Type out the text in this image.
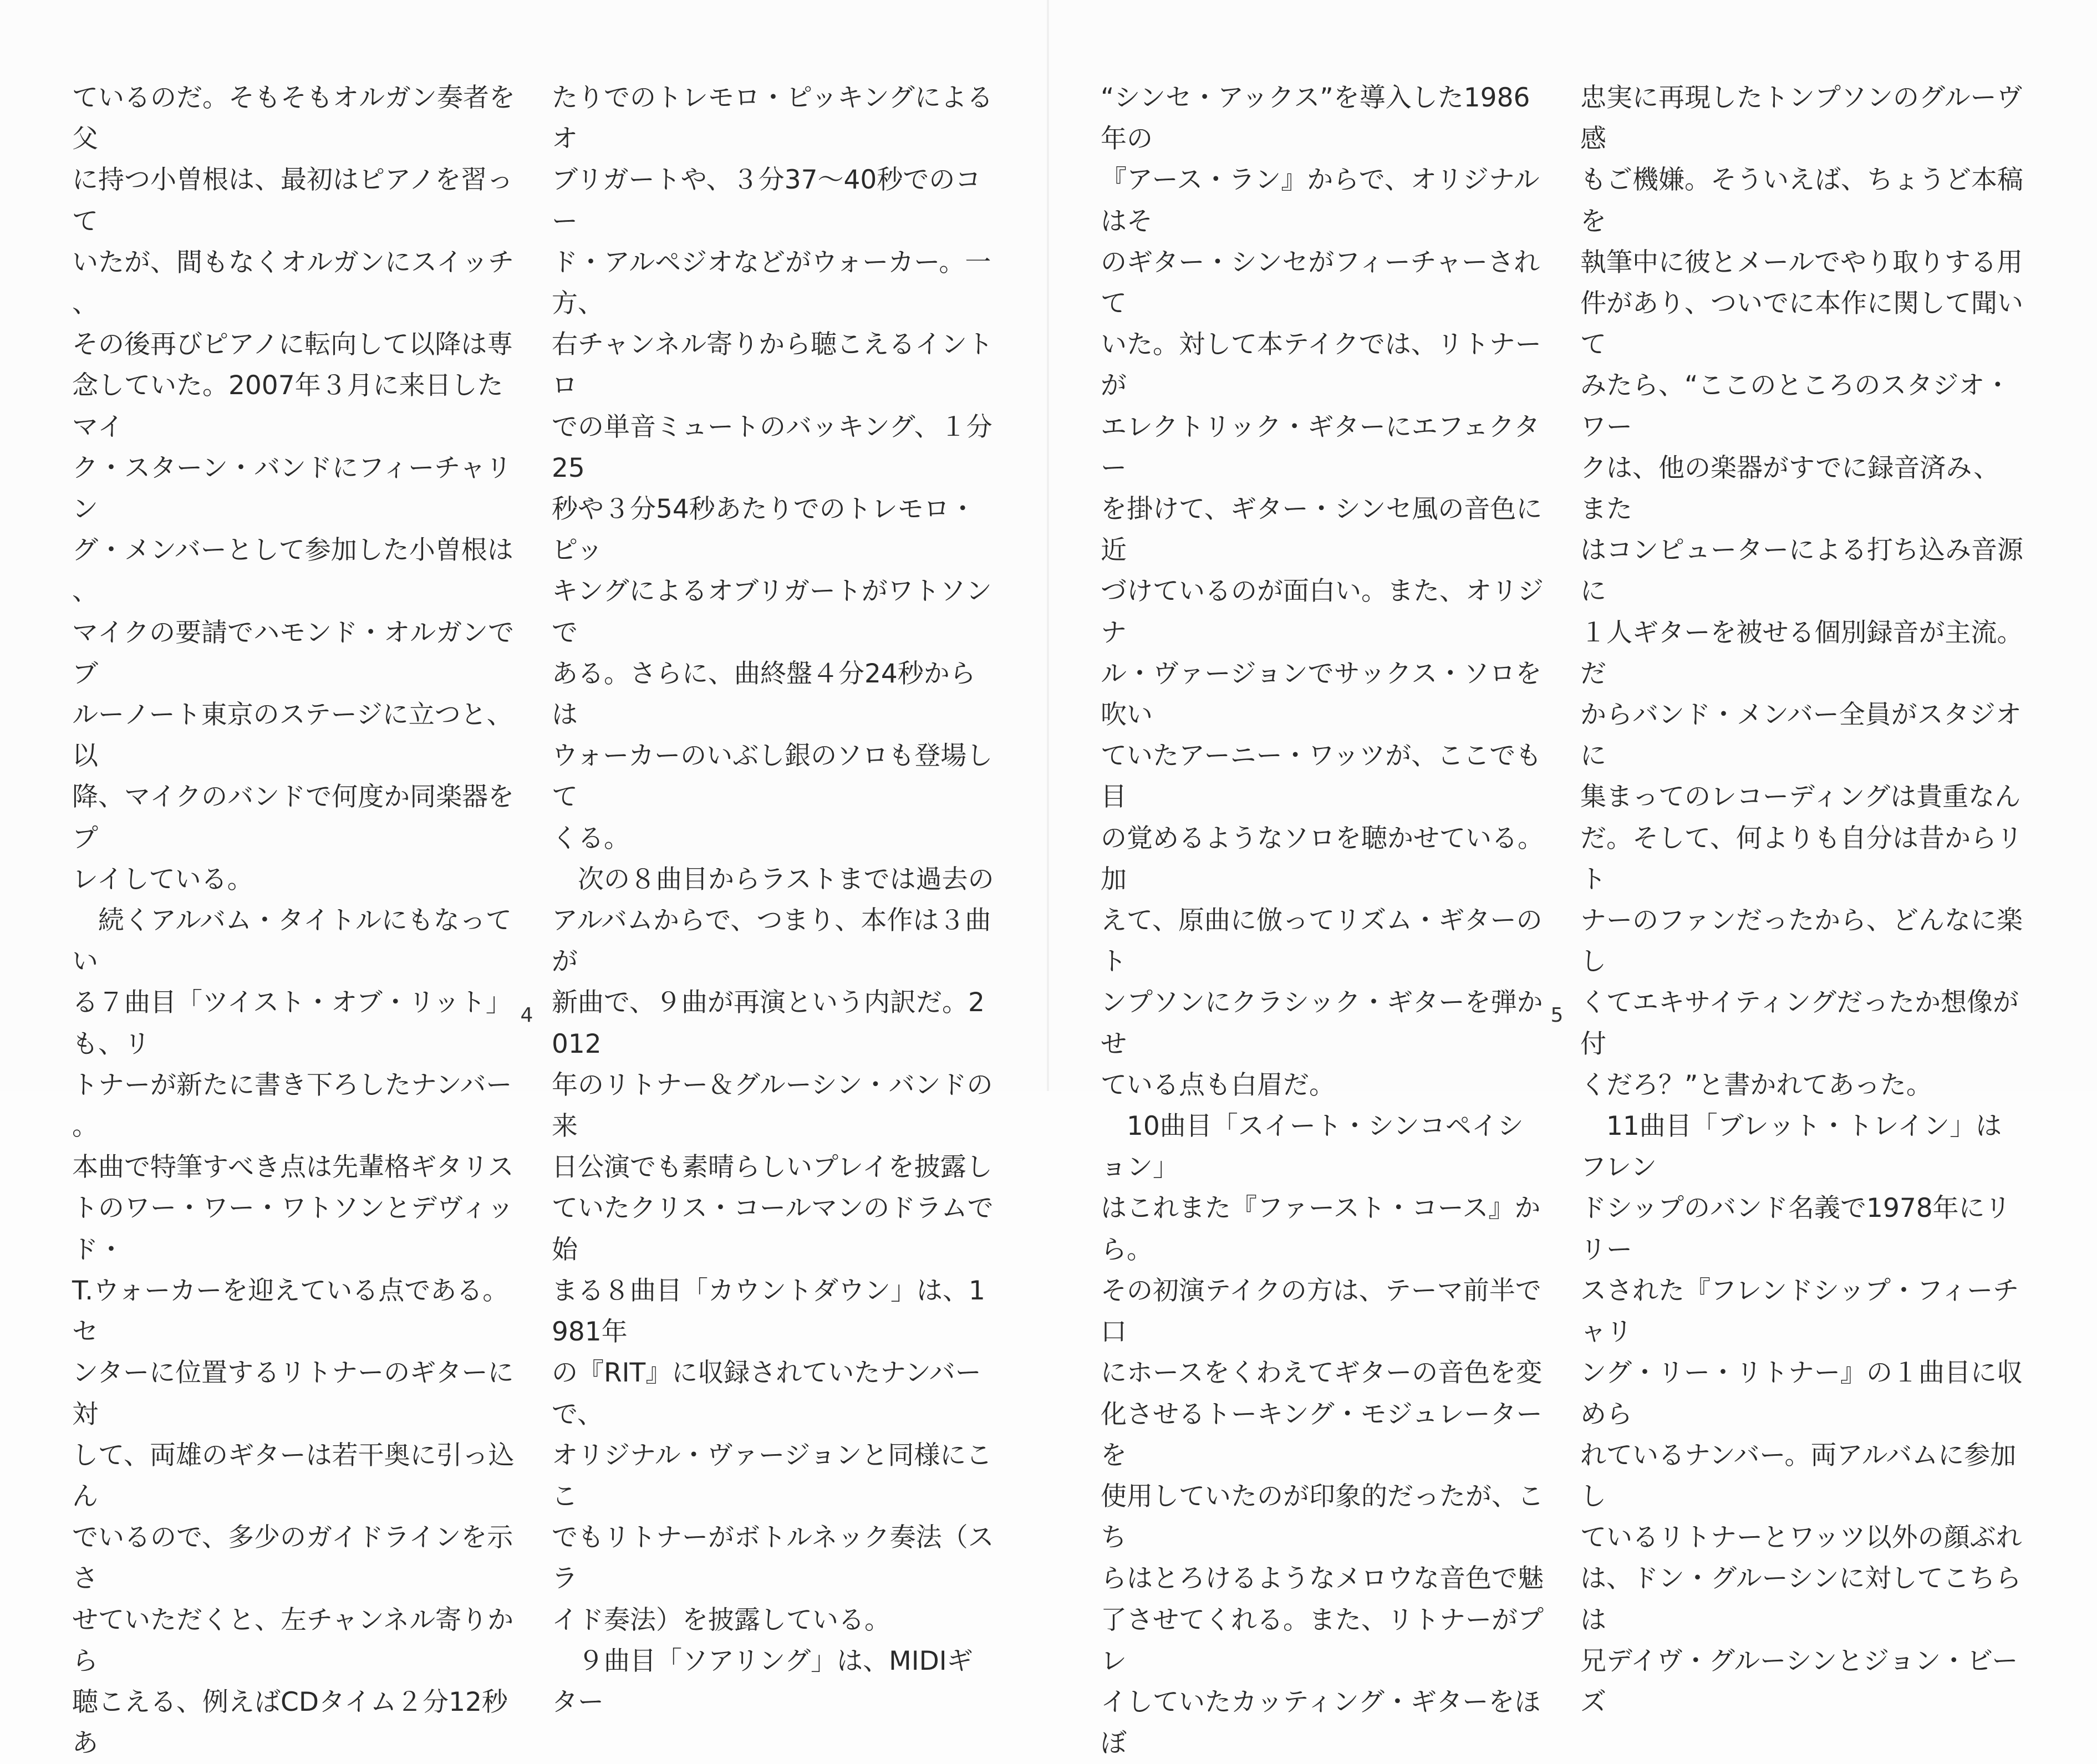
ているのだ。そもそもオルガン奏者を父
に持つ小曽根は、最初はピアノを習って
いたが、間もなくオルガンにスイッチ、
その後再びピアノに転向して以降は専
念していた。2007年３月に来日したマイ
ク・スターン・バンドにフィーチャリン
グ・メンバーとして参加した小曽根は、
マイクの要請でハモンド・オルガンでブ
ルーノート東京のステージに立つと、以
降、マイクのバンドで何度か同楽器をプ
レイしている。
　続くアルバム・タイトルにもなってい
る７曲目「ツイスト・オブ・リット」も、リ
トナーが新たに書き下ろしたナンバー。
本曲で特筆すべき点は先輩格ギタリス
トのワー・ワー・ワトソンとデヴィッド・
T.ウォーカーを迎えている点である。セ
ンターに位置するリトナーのギターに対
して、両雄のギターは若干奥に引っ込ん
でいるので、多少のガイドラインを示さ
せていただくと、左チャンネル寄りから
聴こえる、例えばCDタイム２分12秒あ

たりでのトレモロ・ピッキングによるオ
ブリガートや、３分37〜40秒でのコー
ド・アルペジオなどがウォーカー。一方、
右チャンネル寄りから聴こえるイントロ
での単音ミュートのバッキング、１分25
秒や３分54秒あたりでのトレモロ・ピッ
キングによるオブリガートがワトソンで
ある。さらに、曲終盤４分24秒からは
ウォーカーのいぶし銀のソロも登場して
くる。
　次の８曲目からラストまでは過去の
アルバムからで、つまり、本作は３曲が
新曲で、９曲が再演という内訳だ。2012
年のリトナー＆グルーシン・バンドの来
日公演でも素晴らしいプレイを披露し
ていたクリス・コールマンのドラムで始
まる８曲目「カウントダウン」は、1981年
の『RIT』に収録されていたナンバーで、
オリジナル・ヴァージョンと同様にここ
でもリトナーがボトルネック奏法（スラ
イド奏法）を披露している。
　９曲目「ソアリング」は、MIDIギター

4

“シンセ・アックス”を導入した1986年の
『アース・ラン』からで、オリジナルはそ
のギター・シンセがフィーチャーされて
いた。対して本テイクでは、リトナーが
エレクトリック・ギターにエフェクター
を掛けて、ギター・シンセ風の音色に近
づけているのが面白い。また、オリジナ
ル・ヴァージョンでサックス・ソロを吹い
ていたアーニー・ワッツが、ここでも目
の覚めるようなソロを聴かせている。加
えて、原曲に倣ってリズム・ギターのト
ンプソンにクラシック・ギターを弾かせ
ている点も白眉だ。
　10曲目「スイート・シンコペイション」
はこれまた『ファースト・コース』から。
その初演テイクの方は、テーマ前半で口
にホースをくわえてギターの音色を変
化させるトーキング・モジュレーターを
使用していたのが印象的だったが、こち
らはとろけるようなメロウな音色で魅
了させてくれる。また、リトナーがプレ
イしていたカッティング・ギターをほぼ

忠実に再現したトンプソンのグルーヴ感
もご機嫌。そういえば、ちょうど本稿を
執筆中に彼とメールでやり取りする用
件があり、ついでに本作に関して聞いて
みたら、“ここのところのスタジオ・ワー
クは、他の楽器がすでに録音済み、また
はコンピューターによる打ち込み音源に
１人ギターを被せる個別録音が主流。だ
からバンド・メンバー全員がスタジオに
集まってのレコーディングは貴重なん
だ。そして、何よりも自分は昔からリト
ナーのファンだったから、どんなに楽し
くてエキサイティングだったか想像が付
くだろ？”と書かれてあった。
　11曲目「ブレット・トレイン」はフレン
ドシップのバンド名義で1978年にリリー
スされた『フレンドシップ・フィーチャリ
ング・リー・リトナー』の１曲目に収めら
れているナンバー。両アルバムに参加し
ているリトナーとワッツ以外の顔ぶれ
は、ドン・グルーシンに対してこちらは
兄デイヴ・グルーシンとジョン・ビーズ

5
